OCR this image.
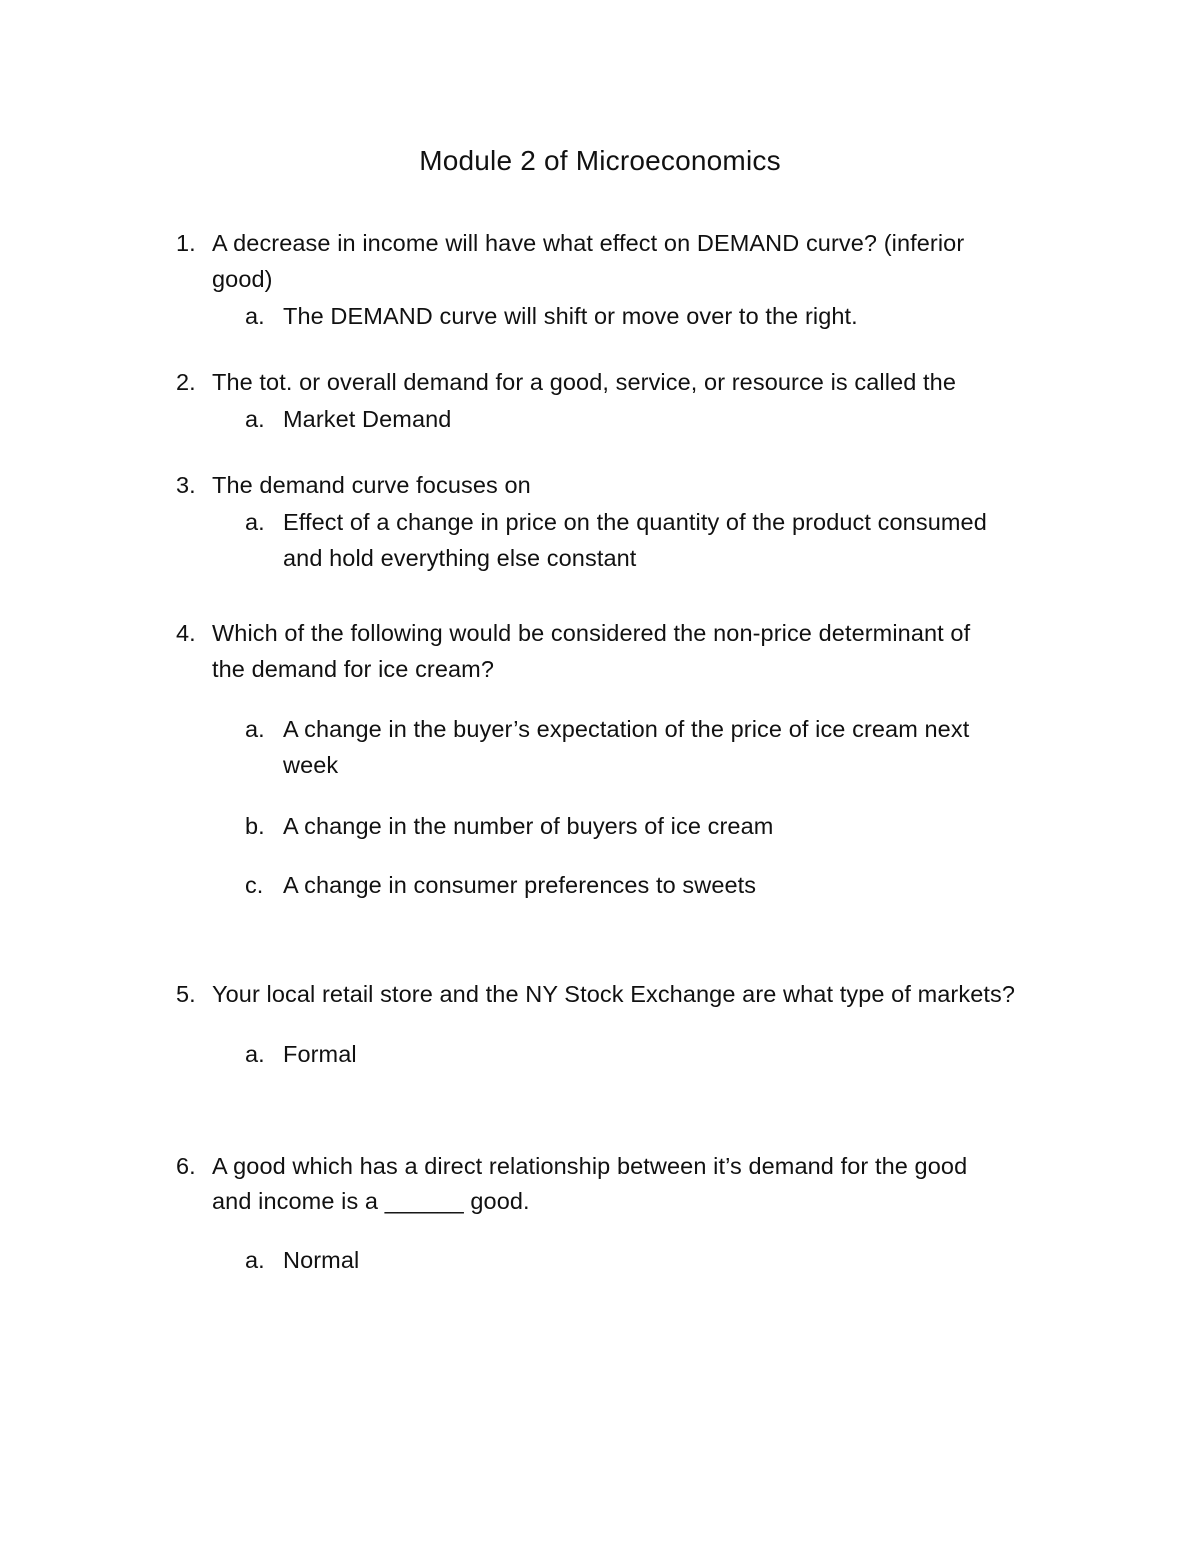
Module 2 of Microeconomics
1. A decrease in income will have what effect on DEMAND curve? (inferior
good)
a. The DEMAND curve will shift or move over to the right.
2. The tot. or overall demand for a good, service, or resource is called the
a. Market Demand
3. The demand curve focuses on
a. Effect of a change in price on the quantity of the product consumed
and hold everything else constant
4. Which of the following would be considered the non-price determinant of
the demand for ice cream?
a. A change in the buyer’s expectation of the price of ice cream next
week
b. A change in the number of buyers of ice cream
c. A change in consumer preferences to sweets
5. Your local retail store and the NY Stock Exchange are what type of markets?
a. Formal
6. A good which has a direct relationship between it’s demand for the good
and income is a ______ good.
a. Normal
